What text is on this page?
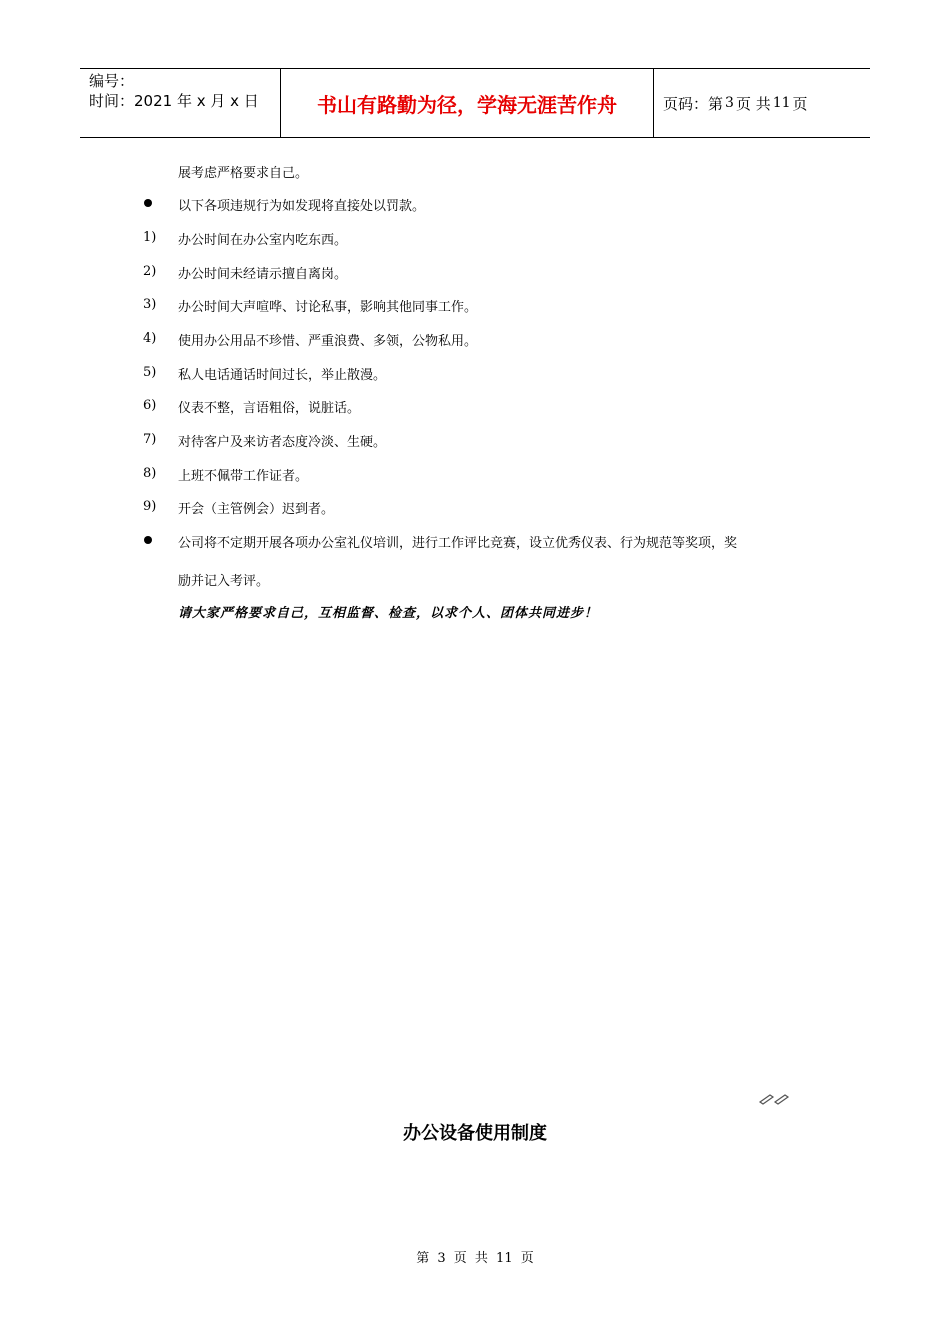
编号：
时间：2021 年 x 月 x 日	书山有路勤为径，学海无涯苦作舟	页码：第 3 页 共 11 页
展考虑严格要求自己。
以下各项违规行为如发现将直接处以罚款。
1) 办公时间在办公室内吃东西。
2) 办公时间未经请示擅自离岗。
3) 办公时间大声喧哗、讨论私事，影响其他同事工作。
4) 使用办公用品不珍惜、严重浪费、多领，公物私用。
5) 私人电话通话时间过长，举止散漫。
6) 仪表不整，言语粗俗，说脏话。
7) 对待客户及来访者态度冷淡、生硬。
8) 上班不佩带工作证者。
9) 开会（主管例会）迟到者。
公司将不定期开展各项办公室礼仪培训，进行工作评比竞赛，设立优秀仪表、行为规范等奖项，奖
励并记入考评。
请大家严格要求自己，互相监督、检查，以求个人、团体共同进步！
办公设备使用制度
第 3 页 共 11 页
